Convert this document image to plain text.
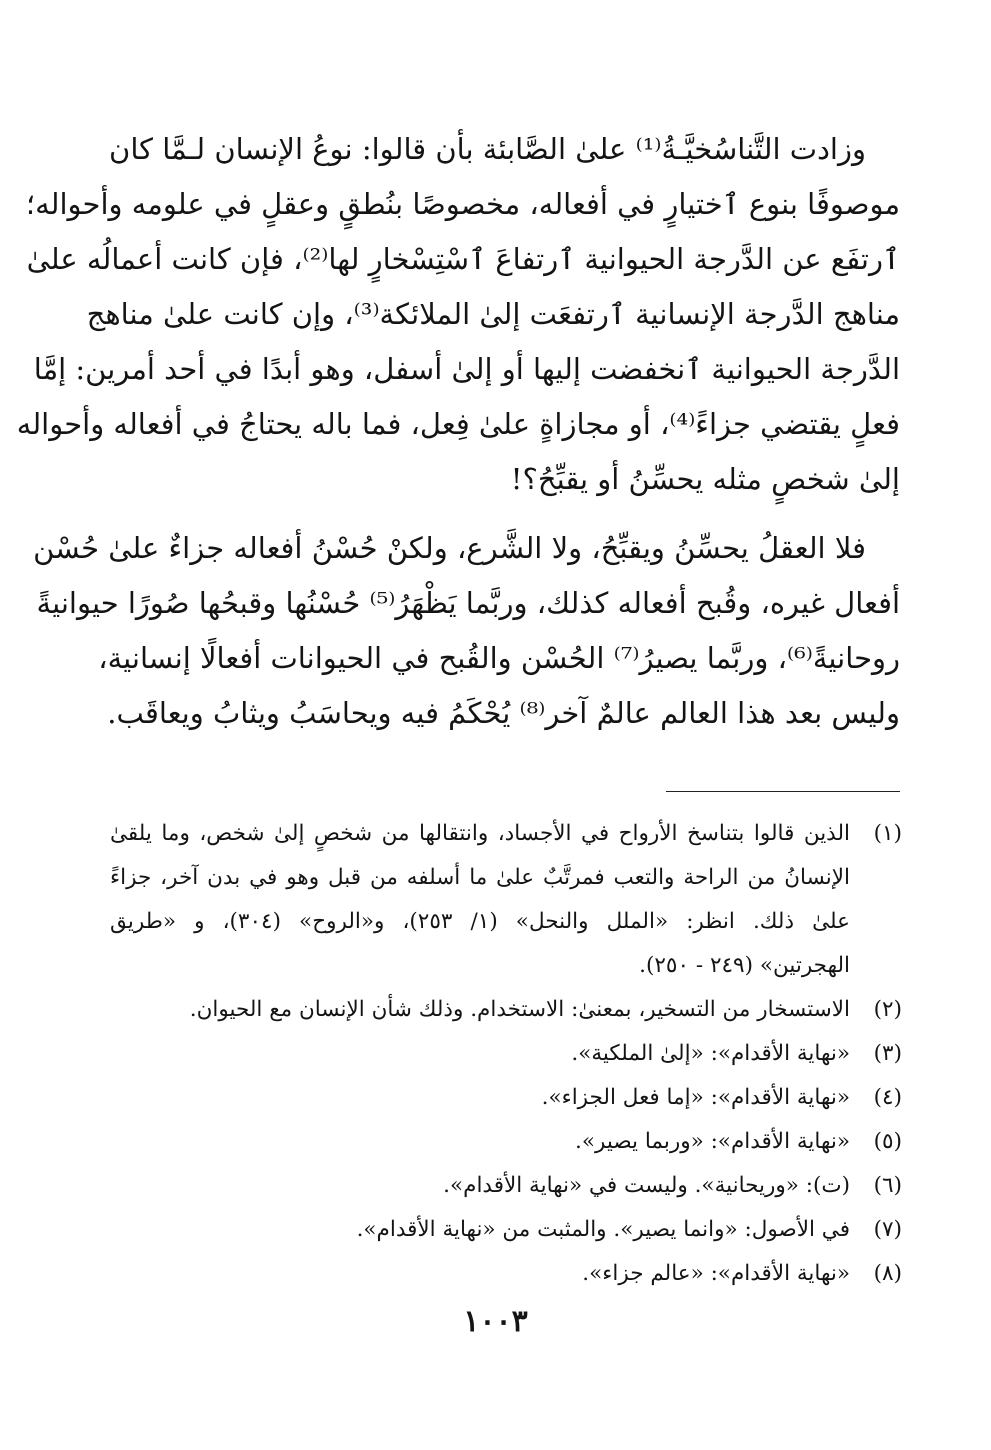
وزادت التَّناسُخيَّـةُ⁽¹⁾ علىٰ الصَّابئة بأن قالوا: نوعُ الإنسان لـمَّا كان
موصوفًا بنوع ٱختيارٍ في أفعاله، مخصوصًا بنُطقٍ وعقلٍ في علومه وأحواله؛
ٱرتفَع عن الدَّرجة الحيوانية ٱرتفاعَ ٱسْتِسْخارٍ لها⁽²⁾، فإن كانت أعمالُه علىٰ
مناهج الدَّرجة الإنسانية ٱرتفعَت إلىٰ الملائكة⁽³⁾، وإن كانت علىٰ مناهج
الدَّرجة الحيوانية ٱنخفضت إليها أو إلىٰ أسفل، وهو أبدًا في أحد أمرين: إمَّا
فعلٍ يقتضي جزاءً⁽⁴⁾، أو مجازاةٍ علىٰ فِعل، فما باله يحتاجُ في أفعاله وأحواله
إلىٰ شخصٍ مثله يحسِّنُ أو يقبِّحُ؟!
فلا العقلُ يحسِّنُ ويقبِّحُ، ولا الشَّرع، ولكنْ حُسْنُ أفعاله جزاءٌ علىٰ حُسْن
أفعال غيره، وقُبح أفعاله كذلك، وربَّما يَظْهَرُ⁽⁵⁾ حُسْنُها وقبحُها صُورًا حيوانيةً
روحانيةً⁽⁶⁾، وربَّما يصيرُ⁽⁷⁾ الحُسْن والقُبح في الحيوانات أفعالًا إنسانية،
وليس بعد هذا العالم عالمٌ آخر⁽⁸⁾ يُحْكَمُ فيه ويحاسَبُ ويثابُ ويعاقَب.
(١)
الذين قالوا بتناسخ الأرواح في الأجساد، وانتقالها من شخصٍ إلىٰ شخص، وما يلقىٰ
الإنسانُ من الراحة والتعب فمرتَّبٌ علىٰ ما أسلفه من قبل وهو في بدن آخر، جزاءً
علىٰ ذلك. انظر: «الملل والنحل» (١/ ٢٥٣)، و«الروح» (٣٠٤)، و «طريق
الهجرتين» (٢٤٩ - ٢٥٠).
(٢)
الاستسخار من التسخير، بمعنىٰ: الاستخدام. وذلك شأن الإنسان مع الحيوان.
(٣)
«نهاية الأقدام»: «إلىٰ الملكية».
(٤)
«نهاية الأقدام»: «إما فعل الجزاء».
(٥)
«نهاية الأقدام»: «وربما يصير».
(٦)
(ت): «وريحانية». وليست في «نهاية الأقدام».
(٧)
في الأصول: «وانما يصير». والمثبت من «نهاية الأقدام».
(٨)
«نهاية الأقدام»: «عالم جزاء».
١٠٠٣
